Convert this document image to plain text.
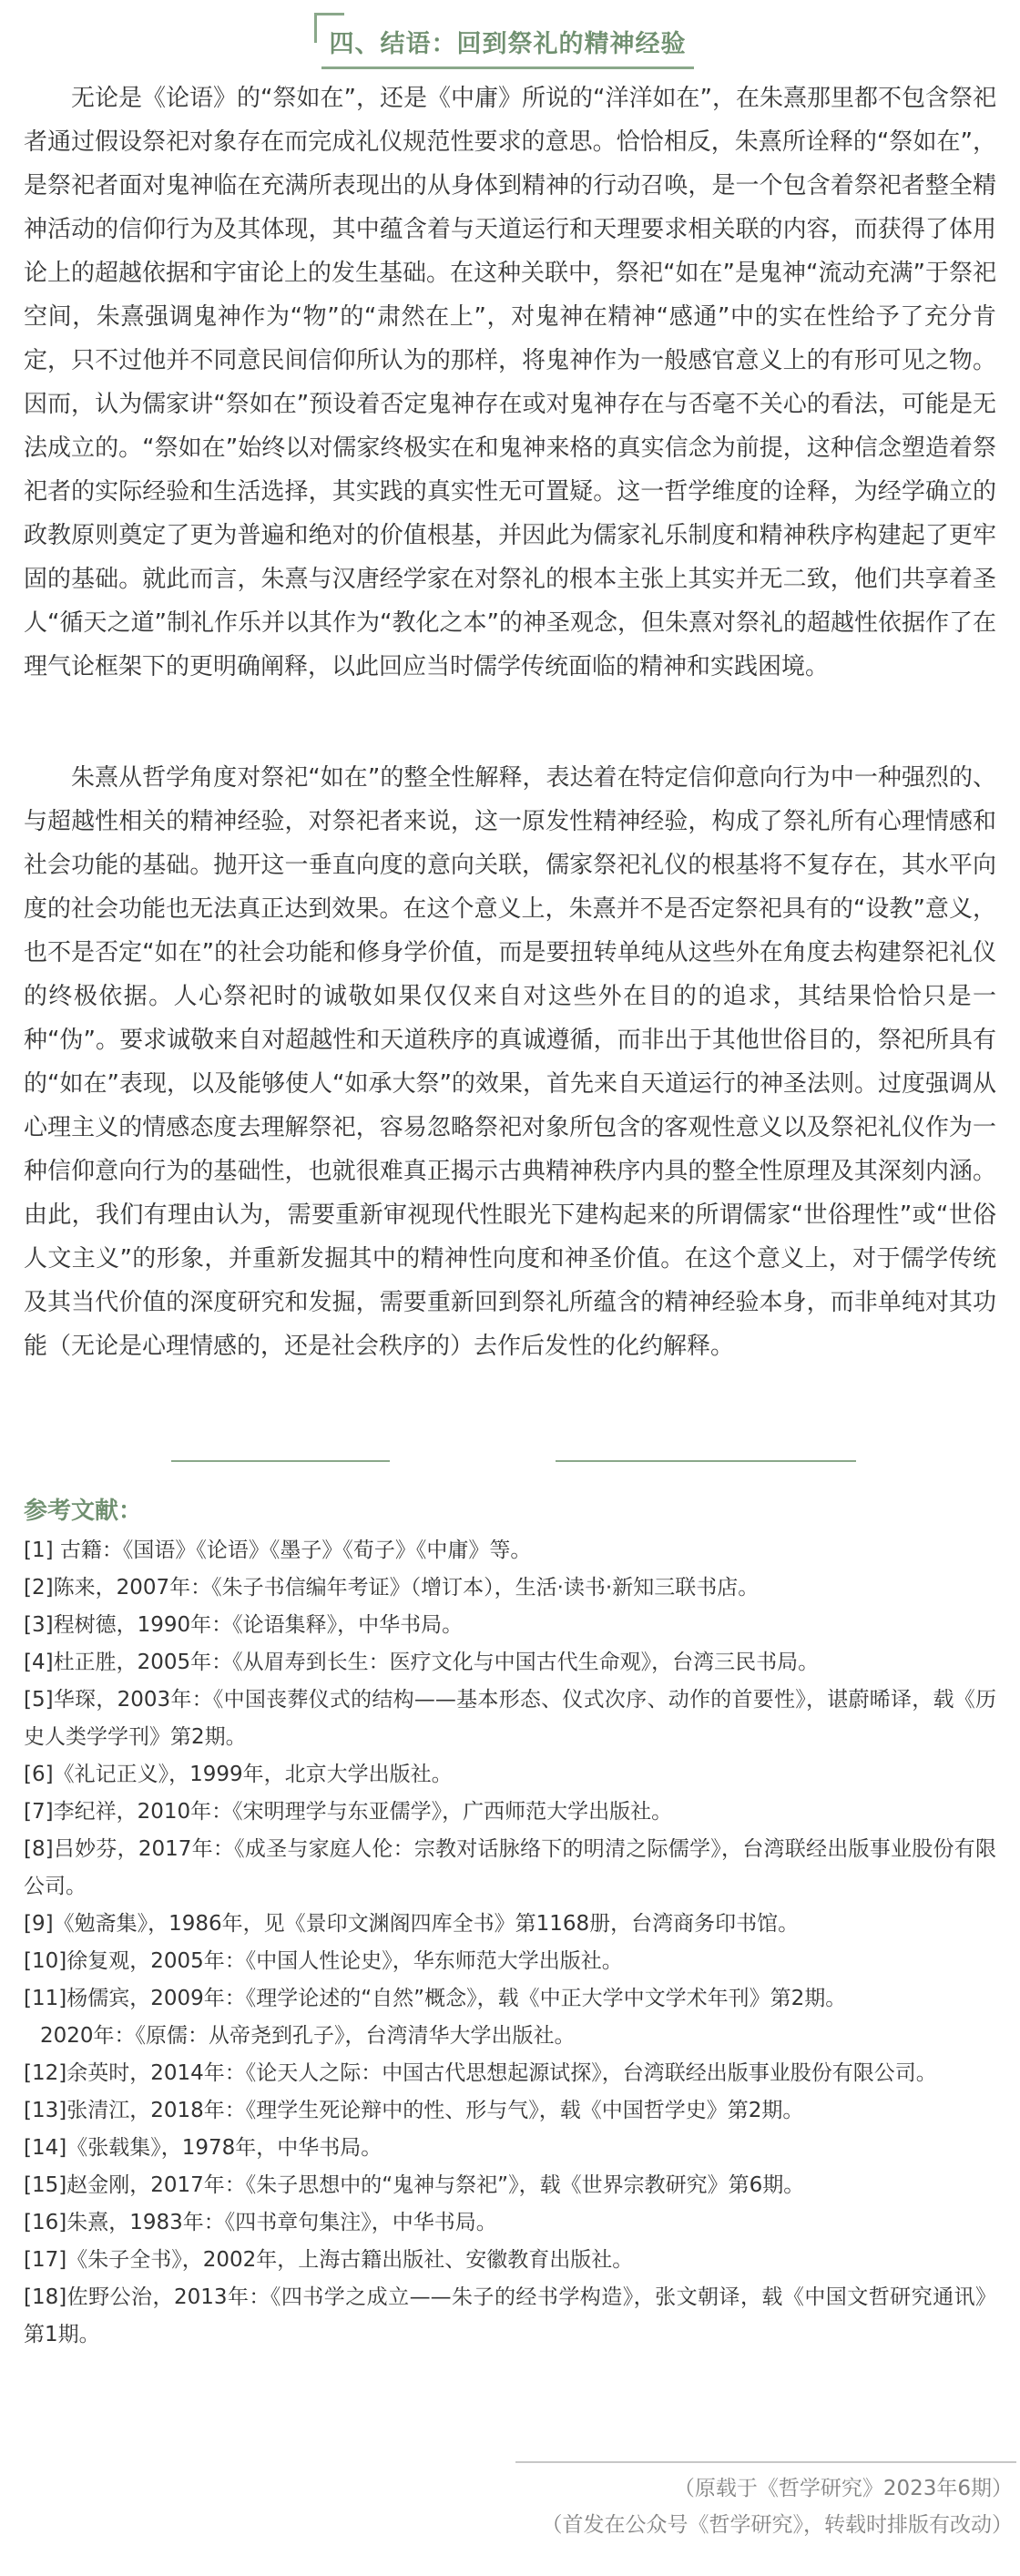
四、结语：回到祭礼的精神经验

无论是《论语》的“祭如在”，还是《中庸》所说的“洋洋如在”，在朱熹那里都不包含祭祀者通过假设祭祀对象存在而完成礼仪规范性要求的意思。恰恰相反，朱熹所诠释的“祭如在”，是祭祀者面对鬼神临在充满所表现出的从身体到精神的行动召唤，是一个包含着祭祀者整全精神活动的信仰行为及其体现，其中蕴含着与天道运行和天理要求相关联的内容，而获得了体用论上的超越依据和宇宙论上的发生基础。在这种关联中，祭祀“如在”是鬼神“流动充满”于祭祀空间，朱熹强调鬼神作为“物”的“肃然在上”，对鬼神在精神“感通”中的实在性给予了充分肯定，只不过他并不同意民间信仰所认为的那样，将鬼神作为一般感官意义上的有形可见之物。因而，认为儒家讲“祭如在”预设着否定鬼神存在或对鬼神存在与否毫不关心的看法，可能是无法成立的。“祭如在”始终以对儒家终极实在和鬼神来格的真实信念为前提，这种信念塑造着祭祀者的实际经验和生活选择，其实践的真实性无可置疑。这一哲学维度的诠释，为经学确立的政教原则奠定了更为普遍和绝对的价值根基，并因此为儒家礼乐制度和精神秩序构建起了更牢固的基础。就此而言，朱熹与汉唐经学家在对祭礼的根本主张上其实并无二致，他们共享着圣人“循天之道”制礼作乐并以其作为“教化之本”的神圣观念，但朱熹对祭礼的超越性依据作了在理气论框架下的更明确阐释，以此回应当时儒学传统面临的精神和实践困境。

朱熹从哲学角度对祭祀“如在”的整全性解释，表达着在特定信仰意向行为中一种强烈的、与超越性相关的精神经验，对祭祀者来说，这一原发性精神经验，构成了祭礼所有心理情感和社会功能的基础。抛开这一垂直向度的意向关联，儒家祭祀礼仪的根基将不复存在，其水平向度的社会功能也无法真正达到效果。在这个意义上，朱熹并不是否定祭祀具有的“设教”意义，也不是否定“如在”的社会功能和修身学价值，而是要扭转单纯从这些外在角度去构建祭祀礼仪的终极依据。人心祭祀时的诚敬如果仅仅来自对这些外在目的的追求，其结果恰恰只是一种“伪”。要求诚敬来自对超越性和天道秩序的真诚遵循，而非出于其他世俗目的，祭祀所具有的“如在”表现，以及能够使人“如承大祭”的效果，首先来自天道运行的神圣法则。过度强调从心理主义的情感态度去理解祭祀，容易忽略祭祀对象所包含的客观性意义以及祭祀礼仪作为一种信仰意向行为的基础性，也就很难真正揭示古典精神秩序内具的整全性原理及其深刻内涵。由此，我们有理由认为，需要重新审视现代性眼光下建构起来的所谓儒家“世俗理性”或“世俗人文主义”的形象，并重新发掘其中的精神性向度和神圣价值。在这个意义上，对于儒学传统及其当代价值的深度研究和发掘，需要重新回到祭礼所蕴含的精神经验本身，而非单纯对其功能（无论是心理情感的，还是社会秩序的）去作后发性的化约解释。

参考文献：
[1] 古籍：《国语》《论语》《墨子》《荀子》《中庸》等。
[2]陈来，2007年：《朱子书信编年考证》（增订本），生活·读书·新知三联书店。
[3]程树德，1990年：《论语集释》，中华书局。
[4]杜正胜，2005年：《从眉寿到长生：医疗文化与中国古代生命观》，台湾三民书局。
[5]华琛，2003年：《中国丧葬仪式的结构——基本形态、仪式次序、动作的首要性》，谌蔚晞译，载《历史人类学学刊》第2期。
[6]《礼记正义》，1999年，北京大学出版社。
[7]李纪祥，2010年：《宋明理学与东亚儒学》，广西师范大学出版社。
[8]吕妙芬，2017年：《成圣与家庭人伦：宗教对话脉络下的明清之际儒学》，台湾联经出版事业股份有限公司。
[9]《勉斋集》，1986年，见《景印文渊阁四库全书》第1168册，台湾商务印书馆。
[10]徐复观，2005年：《中国人性论史》，华东师范大学出版社。
[11]杨儒宾，2009年：《理学论述的“自然”概念》，载《中正大学中文学术年刊》第2期。
2020年：《原儒：从帝尧到孔子》，台湾清华大学出版社。
[12]余英时，2014年：《论天人之际：中国古代思想起源试探》，台湾联经出版事业股份有限公司。
[13]张清江，2018年：《理学生死论辩中的性、形与气》，载《中国哲学史》第2期。
[14]《张载集》，1978年，中华书局。
[15]赵金刚，2017年：《朱子思想中的“鬼神与祭祀”》，载《世界宗教研究》第6期。
[16]朱熹，1983年：《四书章句集注》，中华书局。
[17]《朱子全书》，2002年，上海古籍出版社、安徽教育出版社。
[18]佐野公治，2013年：《四书学之成立——朱子的经书学构造》，张文朝译，载《中国文哲研究通讯》第1期。
（原载于《哲学研究》2023年6期）
（首发在公众号《哲学研究》，转载时排版有改动）
